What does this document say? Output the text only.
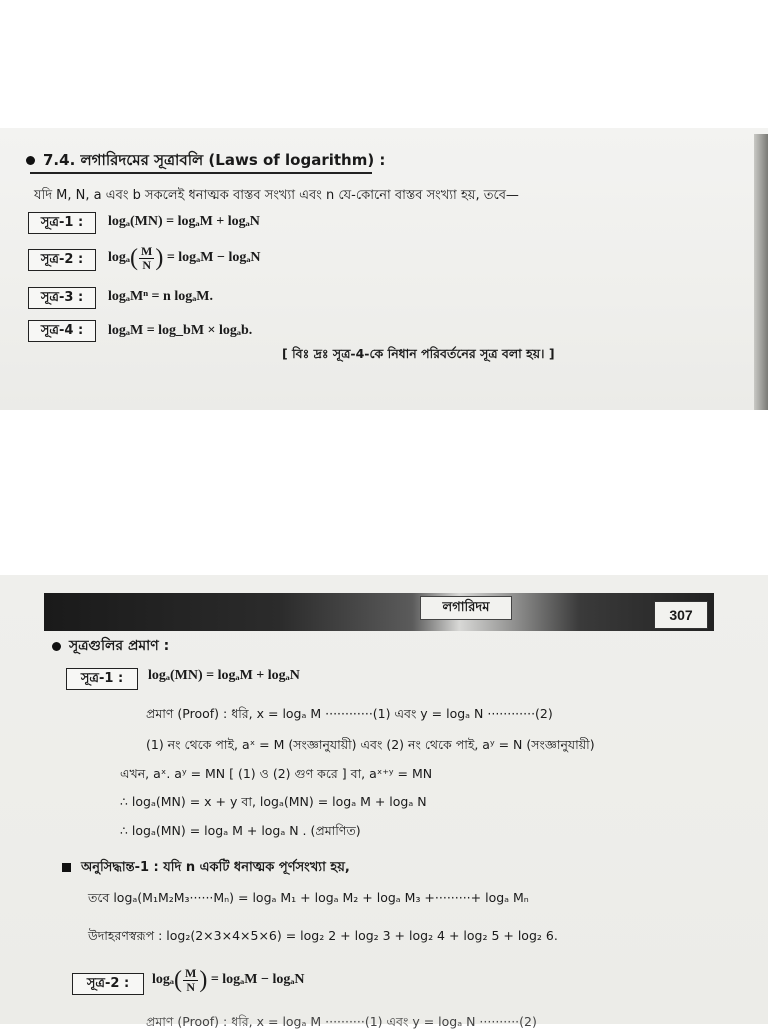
7.4. লগারিদমের সূত্রাবলি (Laws of logarithm) :
যদি M, N, a এবং b সকলেই ধনাত্মক বাস্তব সংখ্যা এবং n যে-কোনো বাস্তব সংখ্যা হয়, তবে—
সূত্র-1 :	logₐ(MN) = logₐM + logₐN
সূত্র-2 :	$\log_a( \frac{M}{N}$ ) = logₐM − logₐN
সূত্র-3 :	logₐMⁿ = n logₐM.
সূত্র-4 :	logₐM = log_bM × logₐb.
[ বিঃ দ্রঃ সূত্র-4-কে নিধান পরিবর্তনের সূত্র বলা হয়। ]
লগারিদম	307
সূত্রগুলির প্রমাণ :
সূত্র-1 :	logₐ(MN) = logₐM + logₐN
প্রমাণ (Proof) : ধরি, x = logₐ M ············(1) এবং y = logₐ N ············(2)
(1) নং থেকে পাই, aˣ = M (সংজ্ঞানুযায়ী) এবং (2) নং থেকে পাই, aʸ = N (সংজ্ঞানুযায়ী)
এখন, aˣ. aʸ = MN [ (1) ও (2) গুণ করে ] বা, aˣ⁺ʸ = MN
∴ logₐ(MN) = x + y বা, logₐ(MN) = logₐ M + logₐ N
∴ logₐ(MN) = logₐ M + logₐ N . (প্রমাণিত)
অনুসিদ্ধান্ত-1 : যদি n একটি ধনাত্মক পূর্ণসংখ্যা হয়,
তবে logₐ(M₁M₂M₃······Mₙ) = logₐ M₁ + logₐ M₂ + logₐ M₃ +·········+ logₐ Mₙ
উদাহরণস্বরূপ : log₂(2×3×4×5×6) = log₂ 2 + log₂ 3 + log₂ 4 + log₂ 5 + log₂ 6.
সূত্র-2 :	$\log_a( \frac{M}{N}$ ) = logₐM − logₐN
প্রমাণ (Proof) : ধরি, x = logₐ M ··········(1) এবং y = logₐ N ··········(2)
